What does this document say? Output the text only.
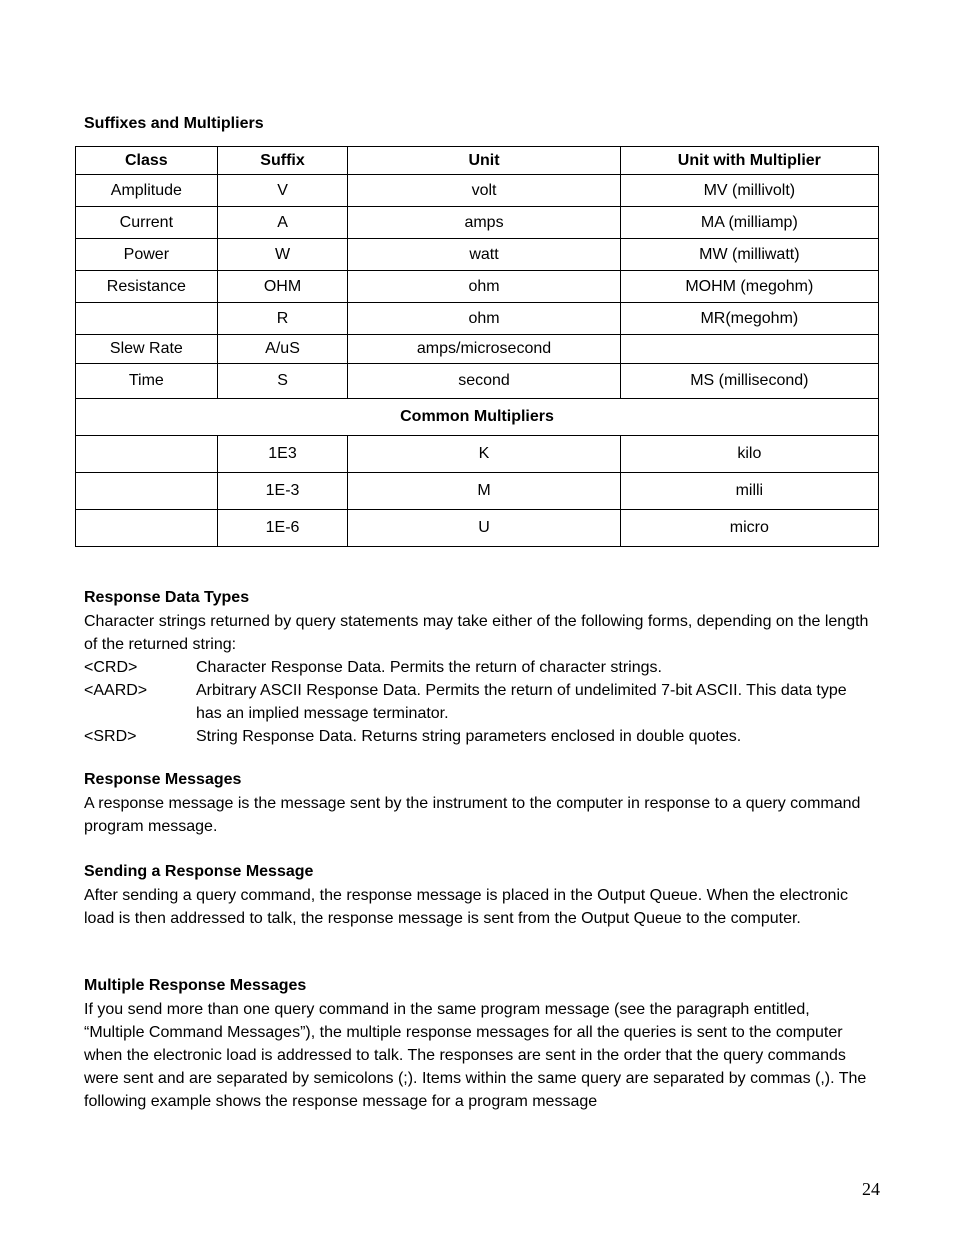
Suffixes and Multipliers
Class	Suffix	Unit	Unit with Multiplier
Amplitude	V	volt	MV (millivolt)
Current	A	amps	MA (milliamp)
Power	W	watt	MW (milliwatt)
Resistance	OHM	ohm	MOHM (megohm)
	R	ohm	MR(megohm)
Slew Rate	A/uS	amps/microsecond	
Time	S	second	MS (millisecond)
Common Multipliers			
	1E3	K	kilo
	1E-3	M	milli
	1E-6	U	micro
Response Data Types

Character strings returned by query statements may take either of the following forms, depending on the length of the returned string:

<CRD>	Character Response Data. Permits the return of character strings.
<AARD>	Arbitrary ASCII Response Data. Permits the return of undelimited 7-bit ASCII. This data type has an implied message terminator.
<SRD>	String Response Data. Returns string parameters enclosed in double quotes.
Response Messages

A response message is the message sent by the instrument to the computer in response to a query command program message.

Sending a Response Message

After sending a query command, the response message is placed in the Output Queue. When the electronic load is then addressed to talk, the response message is sent from the Output Queue to the computer.

Multiple Response Messages

If you send more than one query command in the same program message (see the paragraph entitled, “Multiple Command Messages”), the multiple response messages for all the queries is sent to the computer when the electronic load is addressed to talk. The responses are sent in the order that the query commands were sent and are separated by semicolons (;). Items within the same query are separated by commas (,). The following example shows the response message for a program message

24
